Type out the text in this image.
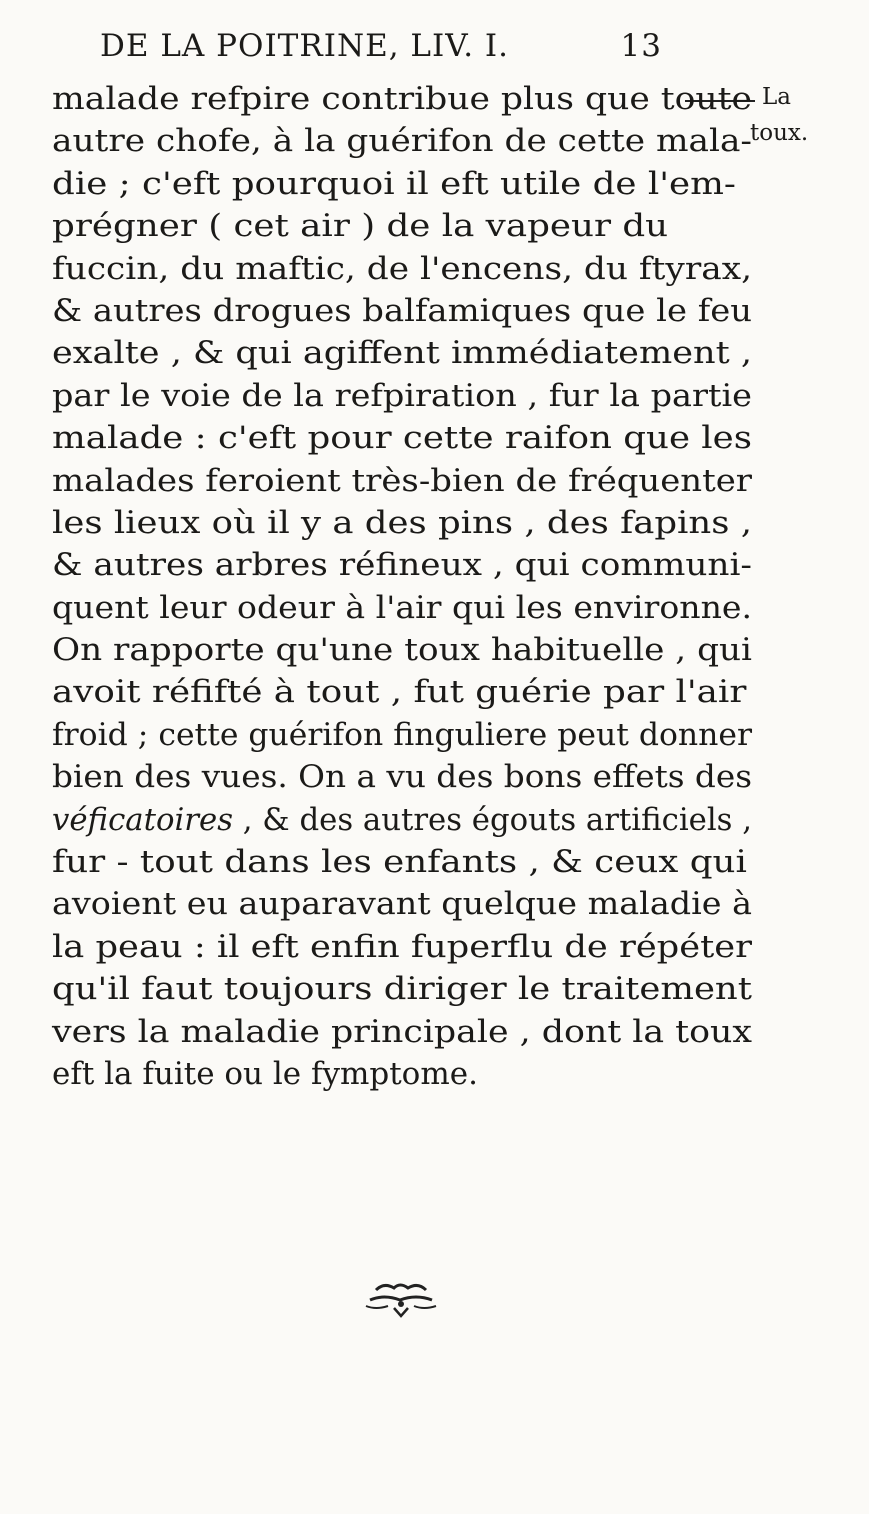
DE LA POITRINE, LIV. I.	13
La
toux.
malade refpire contribue plus que toute
autre chofe, à la guérifon de cette mala-
die ; c'eft pourquoi il eft utile de l'em-
prégner ( cet air ) de la vapeur du
fuccin, du maftic, de l'encens, du ftyrax,
& autres drogues balfamiques que le feu
exalte , & qui agiffent immédiatement ,
par le voie de la refpiration , fur la partie
malade : c'eft pour cette raifon que les
malades feroient très-bien de fréquenter
les lieux où il y a des pins , des fapins ,
& autres arbres réfineux , qui communi-
quent leur odeur à l'air qui les environne.
On rapporte qu'une toux habituelle , qui
avoit réfifté à tout , fut guérie par l'air
froid ; cette guérifon finguliere peut donner
bien des vues. On a vu des bons effets des
véficatoires , & des autres égouts artificiels ,
fur - tout dans les enfants , & ceux qui
avoient eu auparavant quelque maladie à
la peau : il eft enfin fuperflu de répéter
qu'il faut toujours diriger le traitement
vers la maladie principale , dont la toux
eft la fuite ou le fymptome.
